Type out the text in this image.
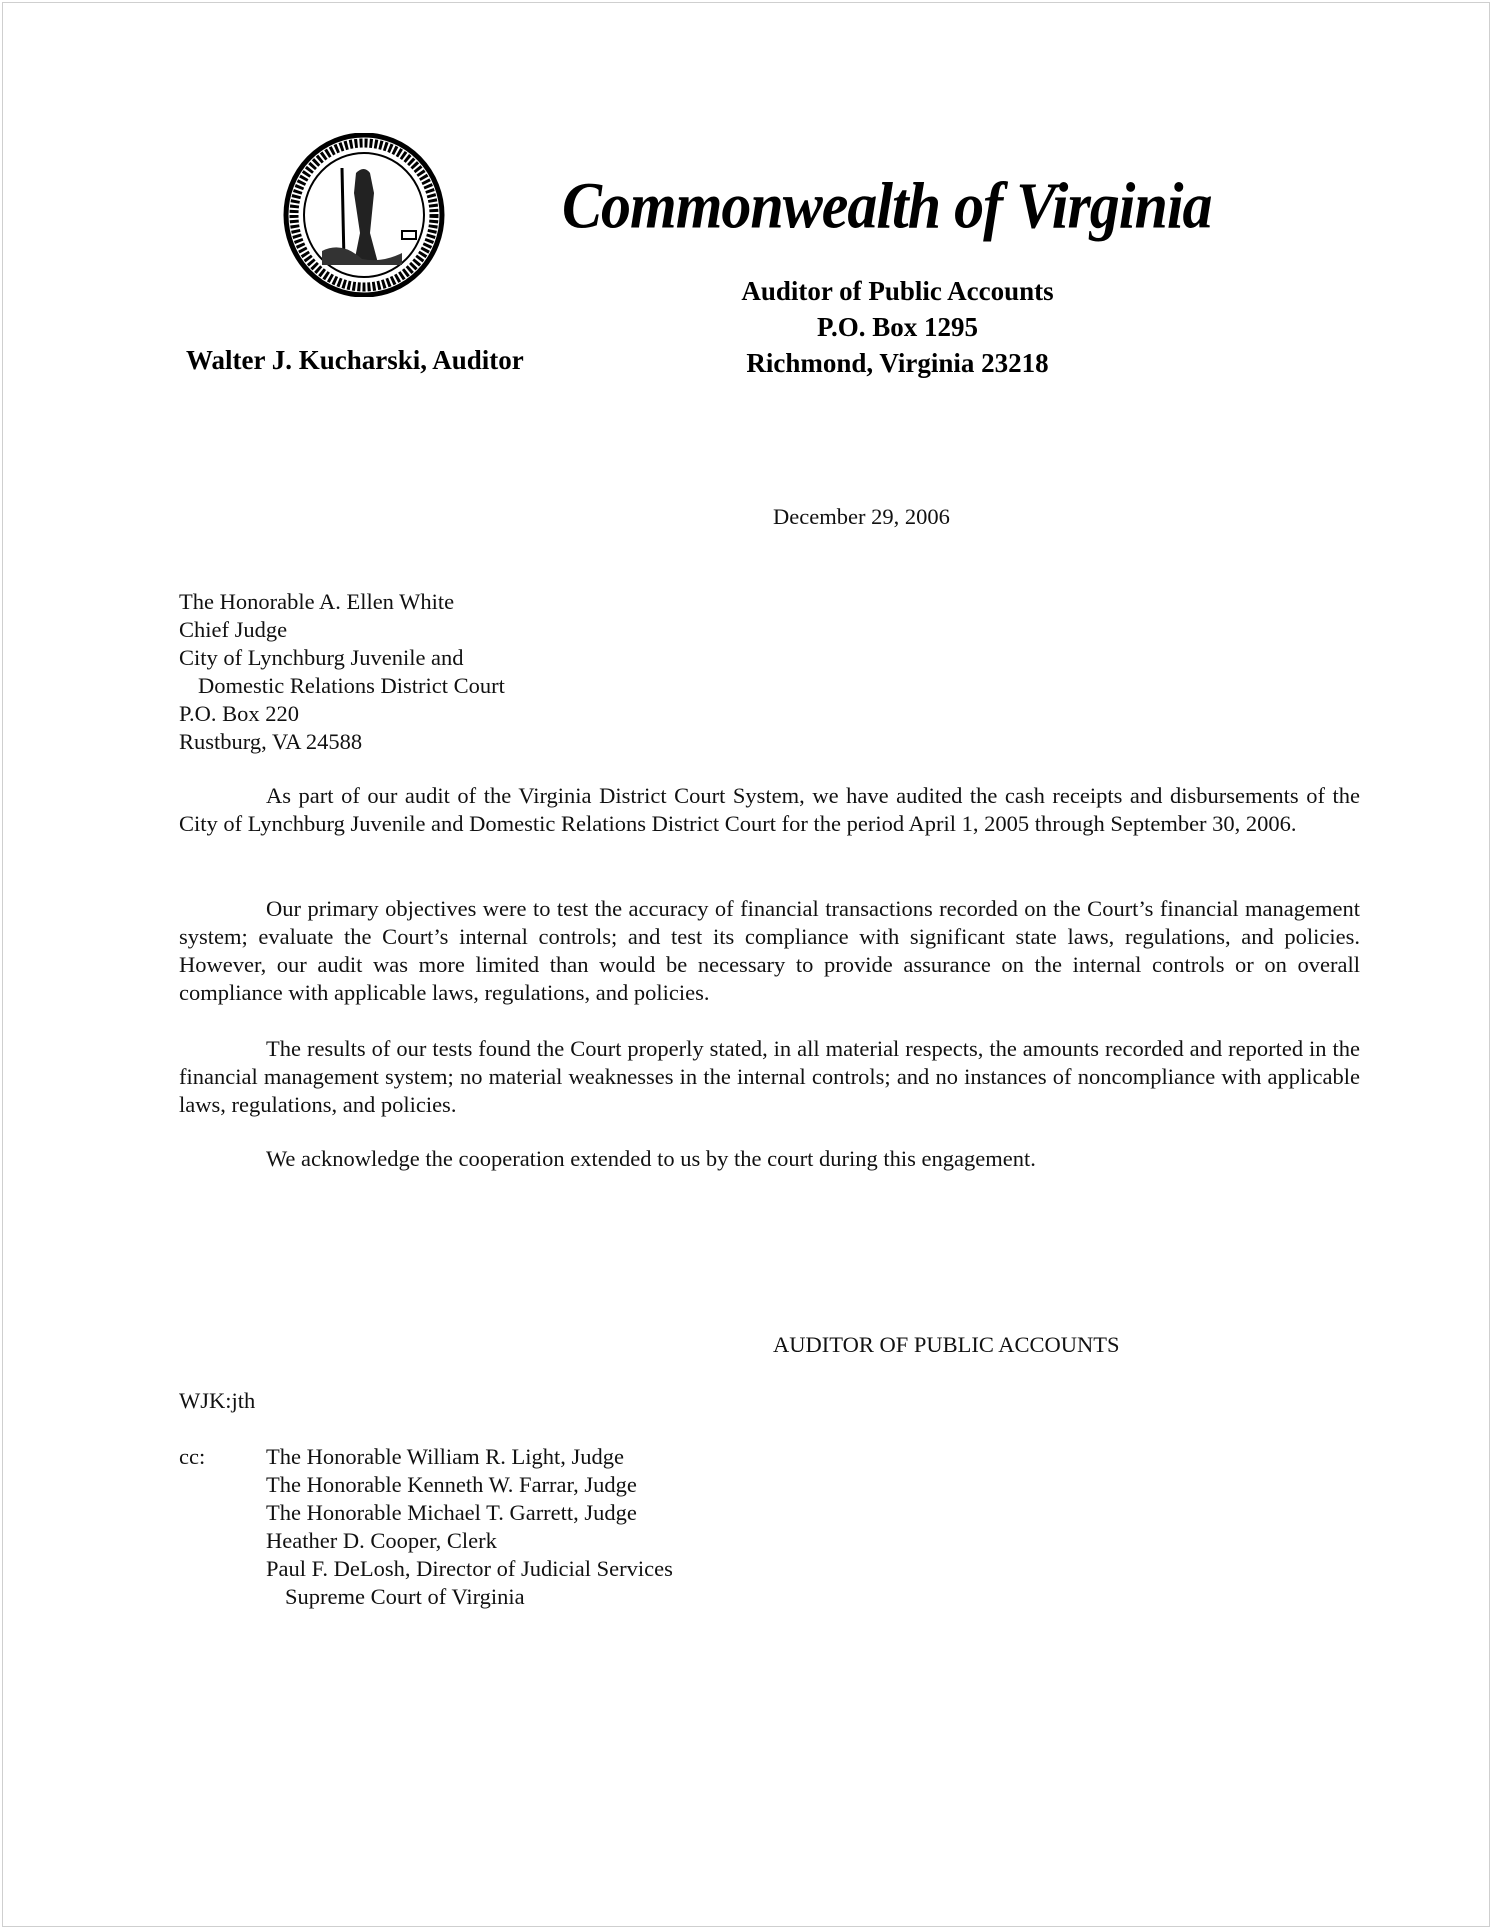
Commonwealth of Virginia
Auditor of Public Accounts
P.O. Box 1295
Richmond, Virginia 23218
Walter J. Kucharski, Auditor
December 29, 2006
The Honorable A. Ellen White
Chief Judge
City of Lynchburg Juvenile and
Domestic Relations District Court
P.O. Box 220
Rustburg, VA 24588
As part of our audit of the Virginia District Court System, we have audited the cash receipts and disbursements of the City of Lynchburg Juvenile and Domestic Relations District Court for the period April 1, 2005 through September 30, 2006.
Our primary objectives were to test the accuracy of financial transactions recorded on the Court’s financial management system; evaluate the Court’s internal controls; and test its compliance with significant state laws, regulations, and policies. However, our audit was more limited than would be necessary to provide assurance on the internal controls or on overall compliance with applicable laws, regulations, and policies.
The results of our tests found the Court properly stated, in all material respects, the amounts recorded and reported in the financial management system; no material weaknesses in the internal controls; and no instances of noncompliance with applicable laws, regulations, and policies.
We acknowledge the cooperation extended to us by the court during this engagement.
AUDITOR OF PUBLIC ACCOUNTS
WJK:jth
cc:	The Honorable William R. Light, Judge
The Honorable Kenneth W. Farrar, Judge
The Honorable Michael T. Garrett, Judge
Heather D. Cooper, Clerk
Paul F. DeLosh, Director of Judicial Services
Supreme Court of Virginia
